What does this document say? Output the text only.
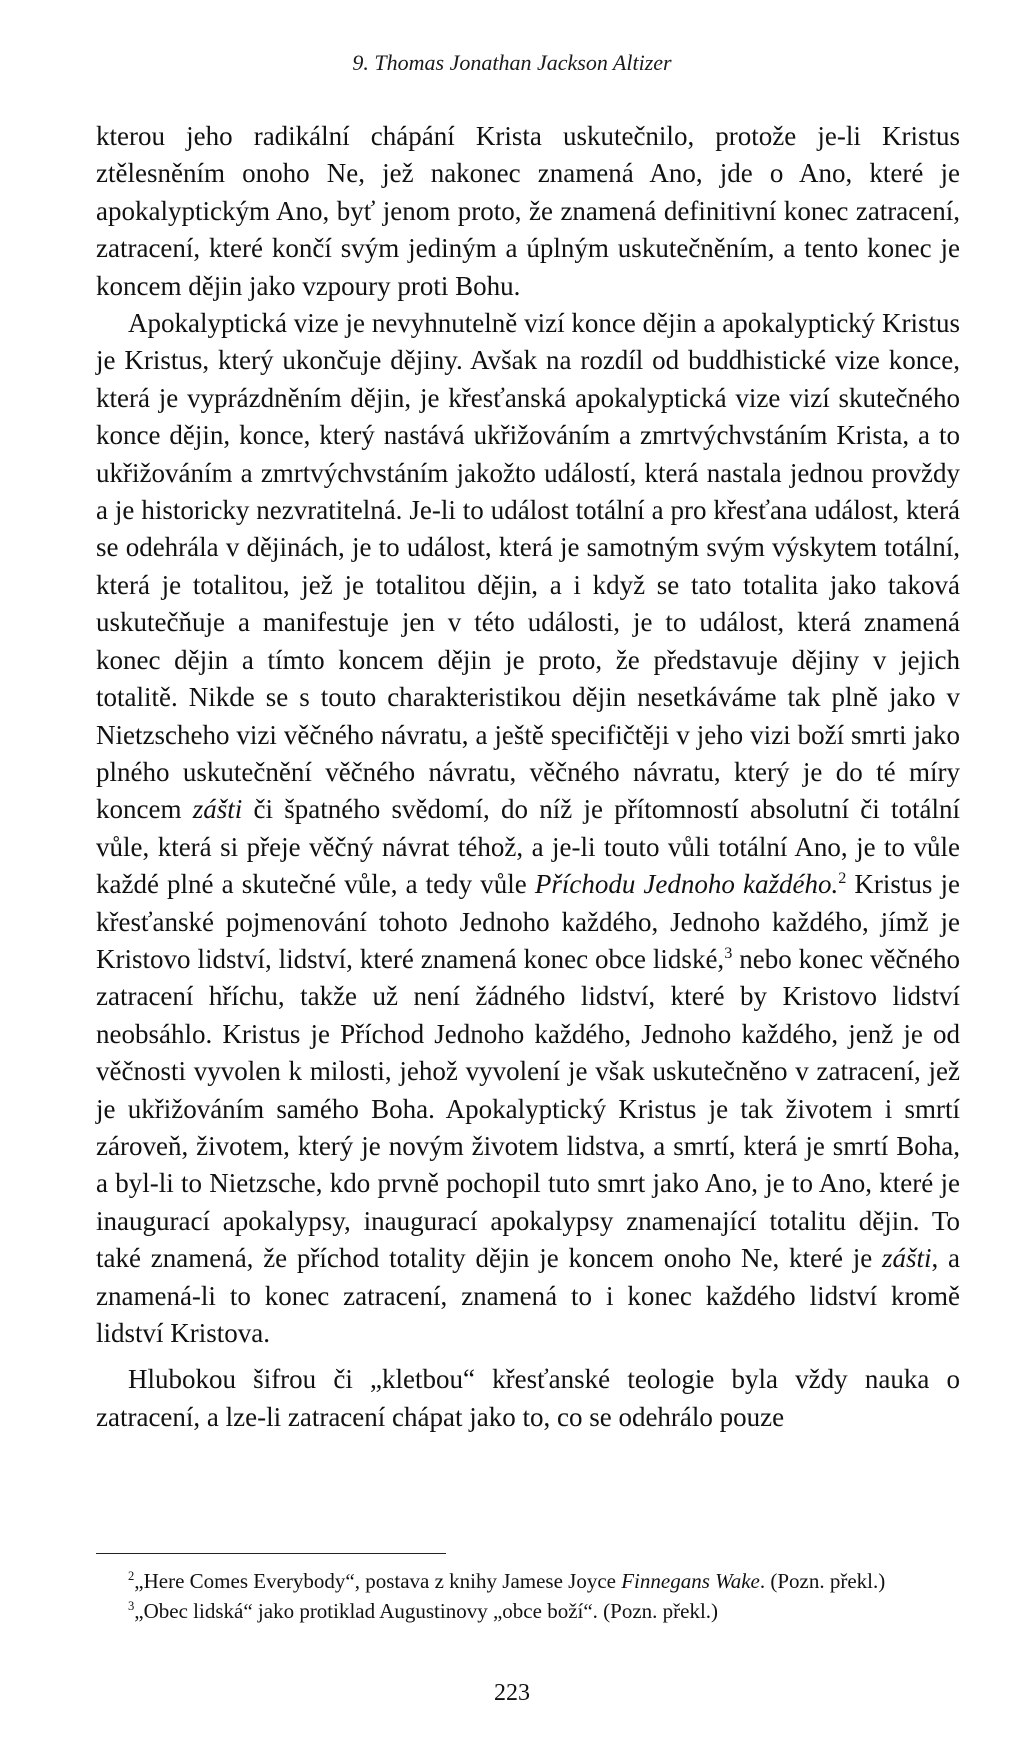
9. Thomas Jonathan Jackson Altizer

kterou jeho radikální chápání Krista uskutečnilo, protože je-li Kristus ztělesněním onoho Ne, jež nakonec znamená Ano, jde o Ano, které je apokalyptickým Ano, byť jenom proto, že znamená definitivní konec zatracení, zatracení, které končí svým jediným a úplným uskutečněním, a tento konec je koncem dějin jako vzpoury proti Bohu.

Apokalyptická vize je nevyhnutelně vizí konce dějin a apokalyptický Kristus je Kristus, který ukončuje dějiny. Avšak na rozdíl od buddhistické vize konce, která je vyprázdněním dějin, je křesťanská apokalyptická vize vizí skutečného konce dějin, konce, který nastává ukřižováním a zmrtvýchvstáním Krista, a to ukřižováním a zmrtvýchvstáním jakožto událostí, která nastala jednou provždy a je historicky nezvratitelná. Je-li to událost totální a pro křesťana událost, která se odehrála v dějinách, je to událost, která je samotným svým výskytem totální, která je totalitou, jež je totalitou dějin, a i když se tato totalita jako taková uskutečňuje a manifestuje jen v této události, je to událost, která znamená konec dějin a tímto koncem dějin je proto, že představuje dějiny v jejich totalitě. Nikde se s touto charakteristikou dějin nesetkáváme tak plně jako v Nietzscheho vizi věčného návratu, a ještě specifičtěji v jeho vizi boží smrti jako plného uskutečnění věčného návratu, věčného návratu, který je do té míry koncem zášti či špatného svědomí, do níž je přítomností absolutní či totální vůle, která si přeje věčný návrat téhož, a je-li touto vůli totální Ano, je to vůle každé plné a skutečné vůle, a tedy vůle Příchodu Jednoho každého.$^2$ Kristus je křesťanské pojmenování tohoto Jednoho každého, Jednoho každého, jímž je Kristovo lidství, lidství, které znamená konec obce lidské,$^3$ nebo konec věčného zatracení hříchu, takže už není žádného lidství, které by Kristovo lidství neobsáhlo. Kristus je Příchod Jednoho každého, Jednoho každého, jenž je od věčnosti vyvolen k milosti, jehož vyvolení je však uskutečněno v zatracení, jež je ukřižováním samého Boha. Apokalyptický Kristus je tak životem i smrtí zároveň, životem, který je novým životem lidstva, a smrtí, která je smrtí Boha, a byl-li to Nietzsche, kdo prvně pochopil tuto smrt jako Ano, je to Ano, které je inaugurací apokalypsy, inaugurací apokalypsy znamenající totalitu dějin. To také znamená, že příchod totality dějin je koncem onoho Ne, které je zášti, a znamená-li to konec zatracení, znamená to i konec každého lidství kromě lidství Kristova.

Hlubokou šifrou či „kletbou“ křesťanské teologie byla vždy nauka o zatracení, a lze-li zatracení chápat jako to, co se odehrálo pouze

$^2$„Here Comes Everybody“, postava z knihy Jamese Joyce Finnegans Wake. (Pozn. překl.)

$^3$„Obec lidská“ jako protiklad Augustinovy „obce boží“. (Pozn. překl.)

223
